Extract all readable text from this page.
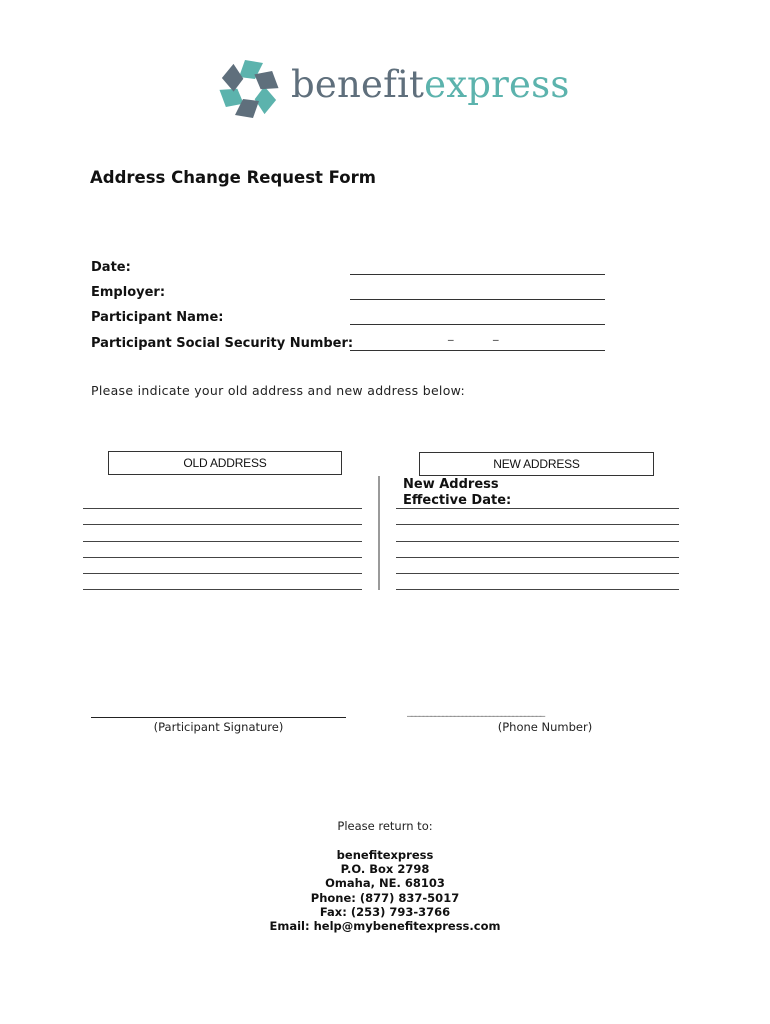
benefitexpress
Address Change Request Form
Date:
Employer:
Participant Name:
Participant Social Security Number:
_	_
Please indicate your old address and new address below:
OLD ADDRESS	NEW ADDRESS
New Address
Effective Date:
(Participant Signature)
___________________________________
(Phone Number)
Please return to:
benefitexpress
P.O. Box 2798
Omaha, NE. 68103
Phone: (877) 837-5017
Fax: (253) 793-3766
Email: help@mybenefitexpress.com
